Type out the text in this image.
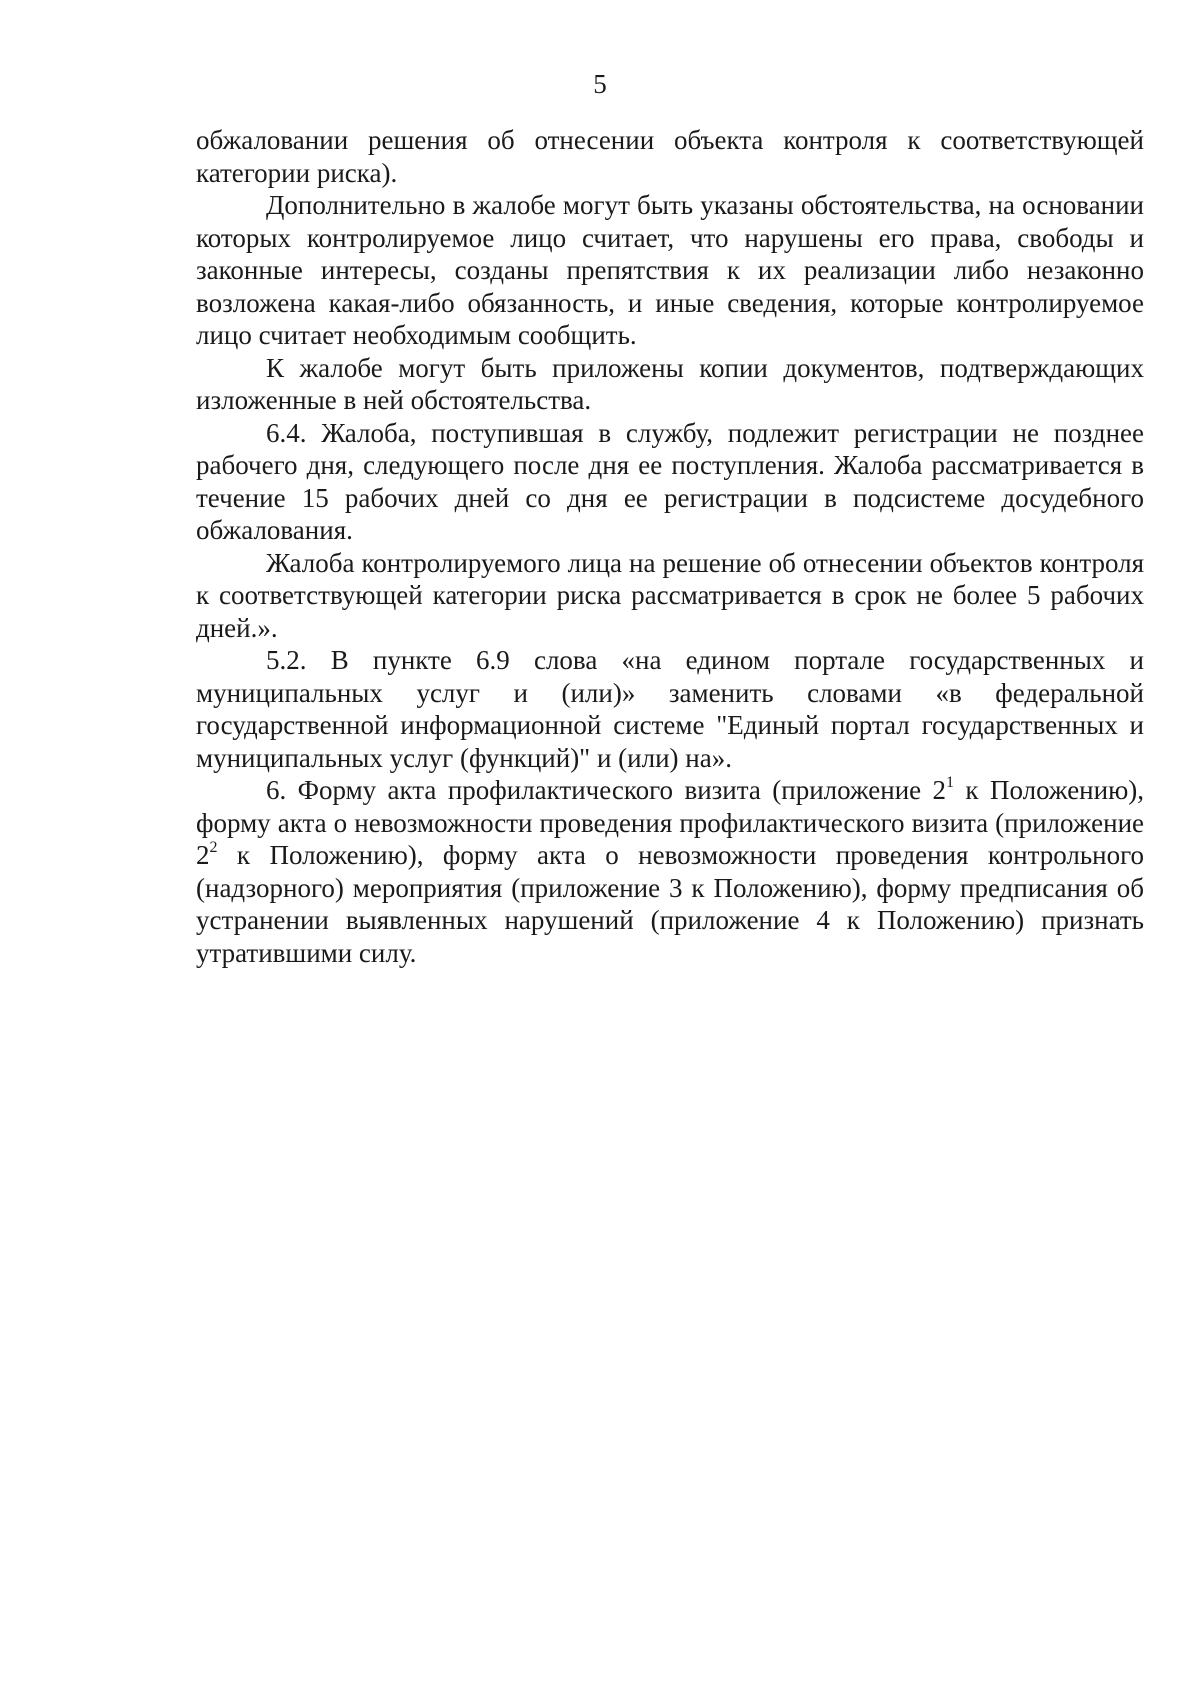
5

обжаловании решения об отнесении объекта контроля к соответствующей категории риска).

Дополнительно в жалобе могут быть указаны обстоятельства, на основании которых контролируемое лицо считает, что нарушены его права, свободы и законные интересы, созданы препятствия к их реализации либо незаконно возложена какая-либо обязанность, и иные сведения, которые контролируемое лицо считает необходимым сообщить.

К жалобе могут быть приложены копии документов, подтверждающих изложенные в ней обстоятельства.

6.4. Жалоба, поступившая в службу, подлежит регистрации не позднее рабочего дня, следующего после дня ее поступления. Жалоба рассматривается в течение 15 рабочих дней со дня ее регистрации в подсистеме досудебного обжалования.

Жалоба контролируемого лица на решение об отнесении объектов контроля к соответствующей категории риска рассматривается в срок не более 5 рабочих дней.».

5.2. В пункте 6.9 слова «на едином портале государственных и муниципальных услуг и (или)» заменить словами «в федеральной государственной информационной системе "Единый портал государственных и муниципальных услуг (функций)" и (или) на».

6. Форму акта профилактического визита (приложение $2^1$ к Положению), форму акта о невозможности проведения профилактического визита (приложение $2^2$ к Положению), форму акта о невозможности проведения контрольного (надзорного) мероприятия (приложение 3 к Положению), форму предписания об устранении выявленных нарушений (приложение 4 к Положению) признать утратившими силу.
